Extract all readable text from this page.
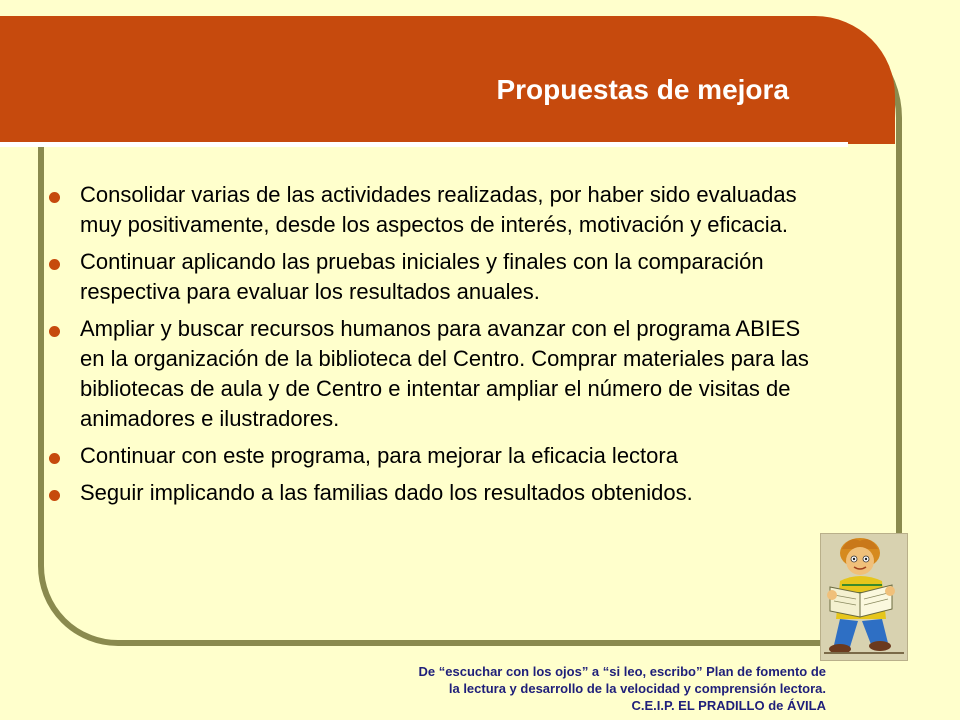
Propuestas de mejora
Consolidar varias de las actividades realizadas, por haber sido evaluadas muy positivamente, desde los aspectos de interés, motivación y eficacia.
Continuar aplicando las pruebas iniciales y finales con la comparación respectiva para evaluar los resultados anuales.
Ampliar y buscar recursos humanos para avanzar con el programa ABIES en la organización de la biblioteca del Centro. Comprar materiales para las bibliotecas de aula y de Centro e intentar ampliar el número de visitas de animadores e ilustradores.
Continuar con este programa, para mejorar la eficacia lectora
Seguir implicando a las familias dado los resultados obtenidos.
De “escuchar con los ojos” a “si leo, escribo” Plan de fomento de
la lectura y desarrollo de la velocidad y comprensión lectora.
C.E.I.P. EL PRADILLO de ÁVILA
